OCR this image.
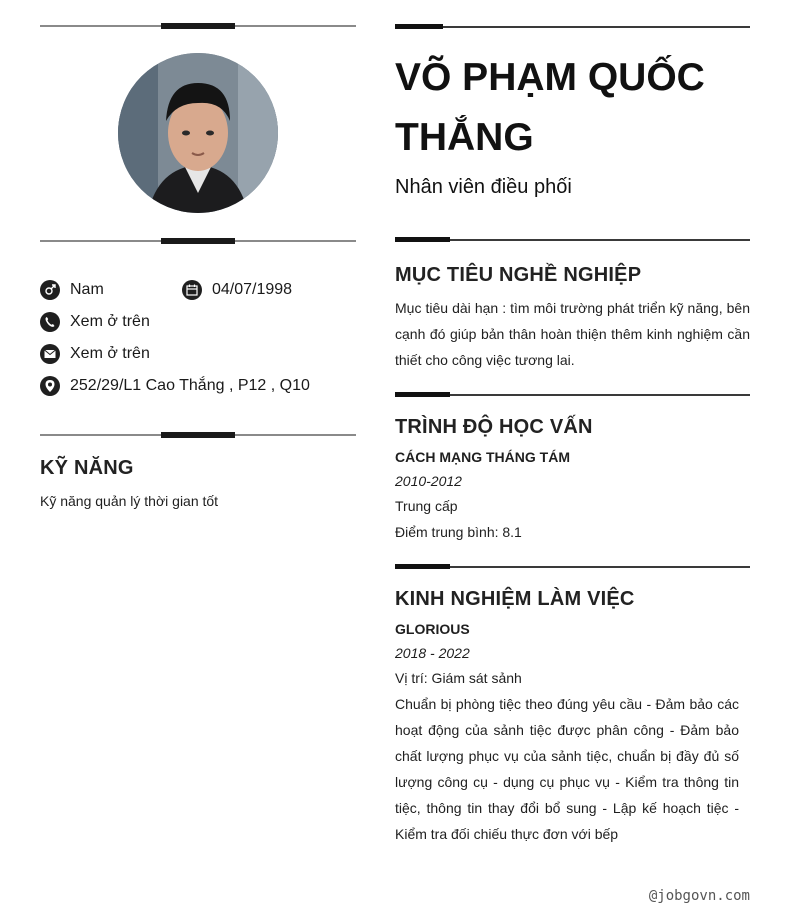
Nam	04/07/1998
Xem ở trên
Xem ở trên
252/29/L1 Cao Thắng , P12 , Q10
KỸ NĂNG
Kỹ năng quản lý thời gian tốt
VÕ PHẠM QUỐC THẮNG
Nhân viên điều phối
MỤC TIÊU NGHỀ NGHIỆP
Mục tiêu dài hạn : tìm môi trường phát triển kỹ năng, bên cạnh đó giúp bản thân hoàn thiện thêm kinh nghiệm cần thiết cho công việc tương lai.
TRÌNH ĐỘ HỌC VẤN
CÁCH MẠNG THÁNG TÁM
2010-2012
Trung cấp
Điểm trung bình: 8.1
KINH NGHIỆM LÀM VIỆC
GLORIOUS
2018 - 2022
Vị trí: Giám sát sảnh
Chuẩn bị phòng tiệc theo đúng yêu cầu - Đảm bảo các hoạt động của sảnh tiệc được phân công - Đảm bảo chất lượng phục vụ của sảnh tiệc, chuẩn bị đầy đủ số lượng công cụ - dụng cụ phục vụ - Kiểm tra thông tin tiệc, thông tin thay đổi bổ sung - Lập kế hoạch tiệc - Kiểm tra đối chiếu thực đơn với bếp
@jobgovn.com
